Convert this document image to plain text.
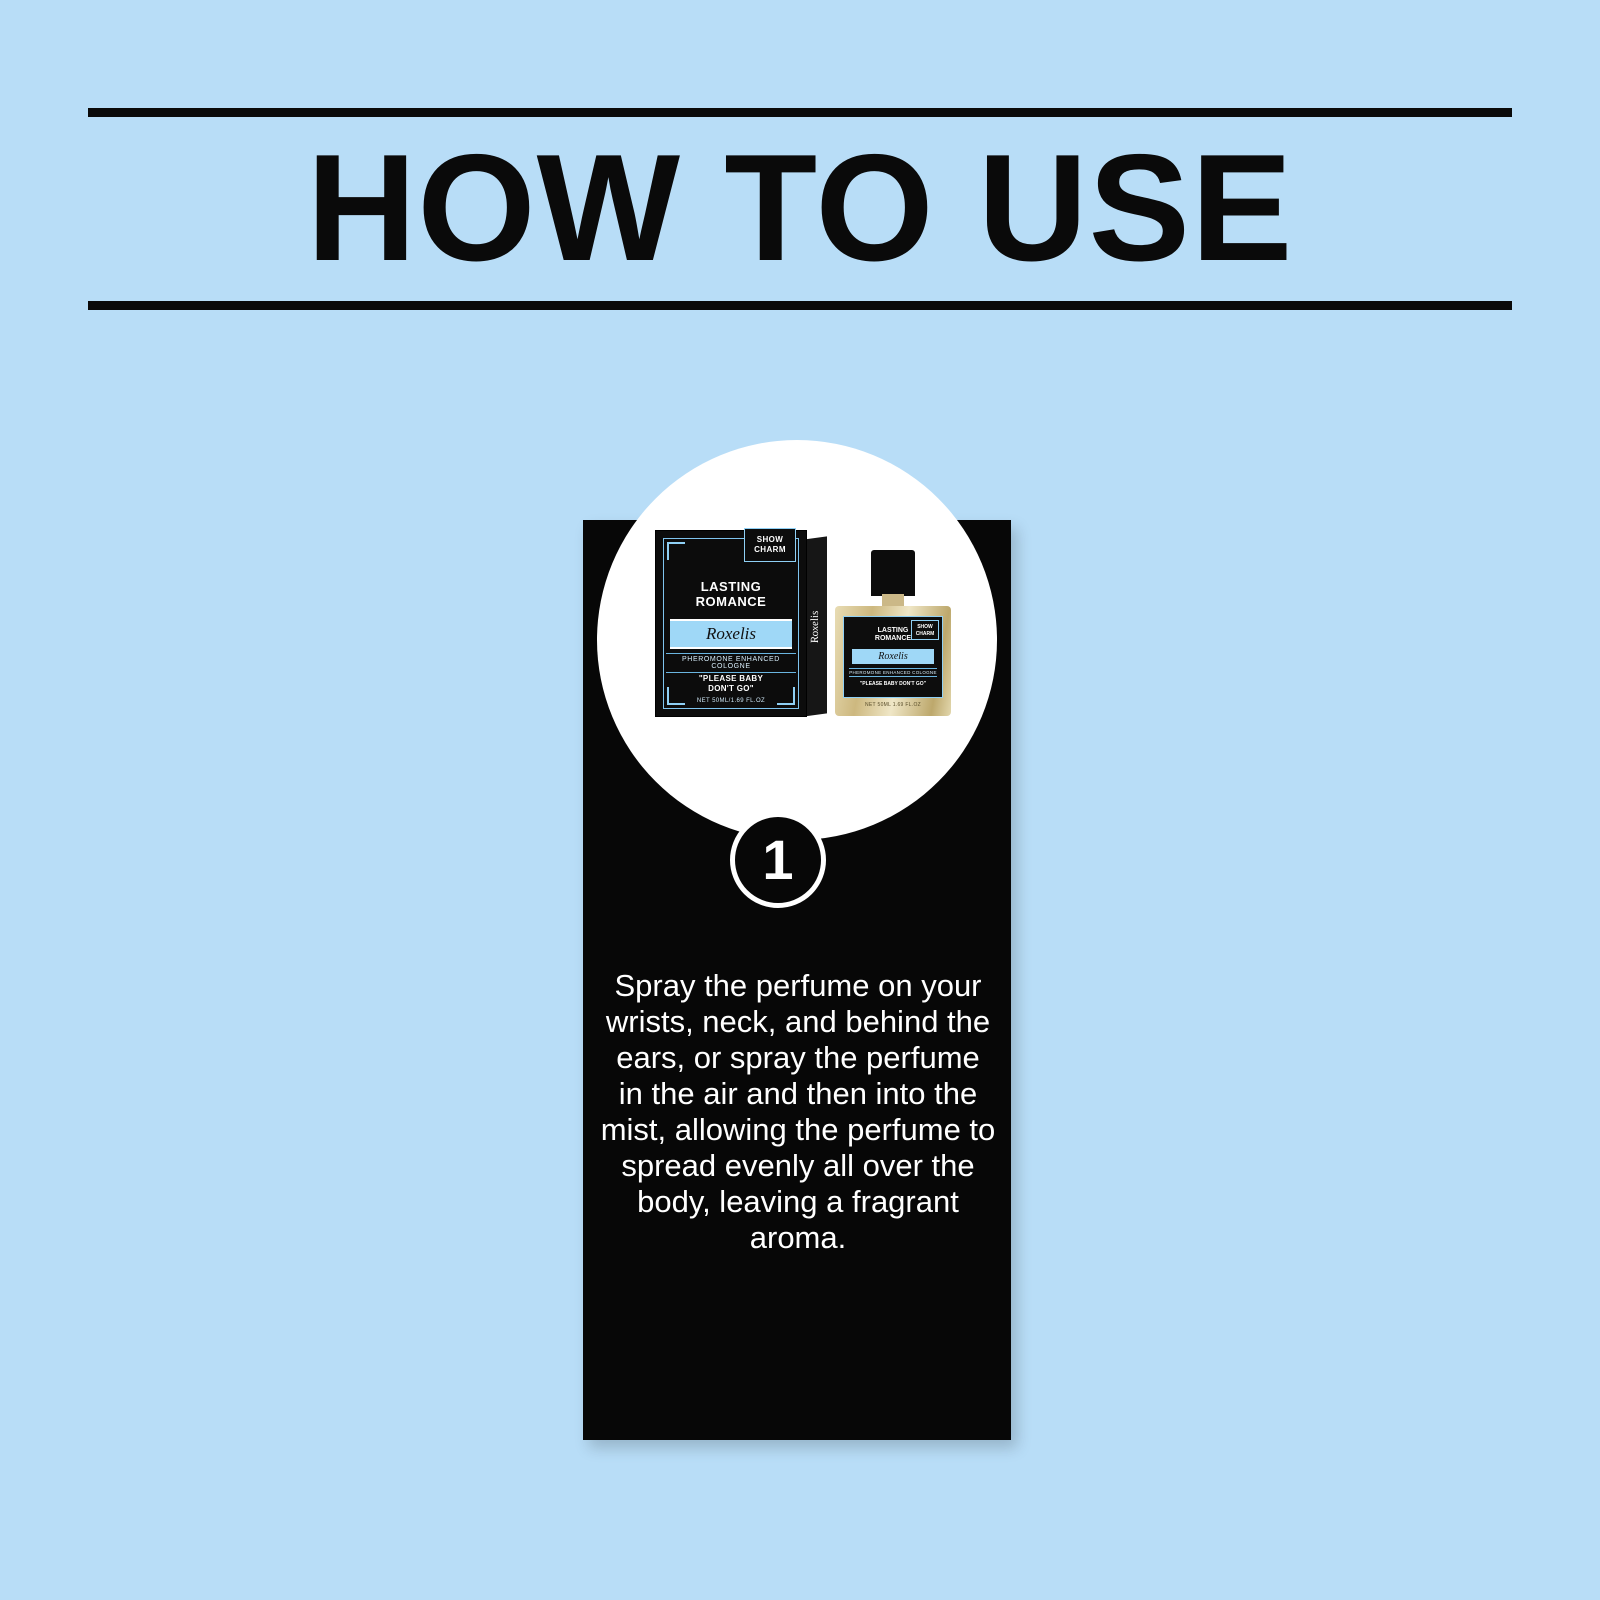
HOW TO USE
Roxelis
SHOW
CHARM
LASTING
ROMANCE
Roxelis
PHEROMONE ENHANCED COLOGNE
"PLEASE BABY
DON'T GO"
NET 50ML/1.69 FL.OZ
SHOW
CHARM
LASTING
ROMANCE
Roxelis
PHEROMONE ENHANCED COLOGNE
"PLEASE BABY DON'T GO"
NET 50ML 1.69 FL.OZ
1
Spray the perfume on your wrists, neck, and behind the ears, or spray the perfume in the air and then into the mist, allowing the perfume to spread evenly all over the body, leaving a fragrant aroma.
